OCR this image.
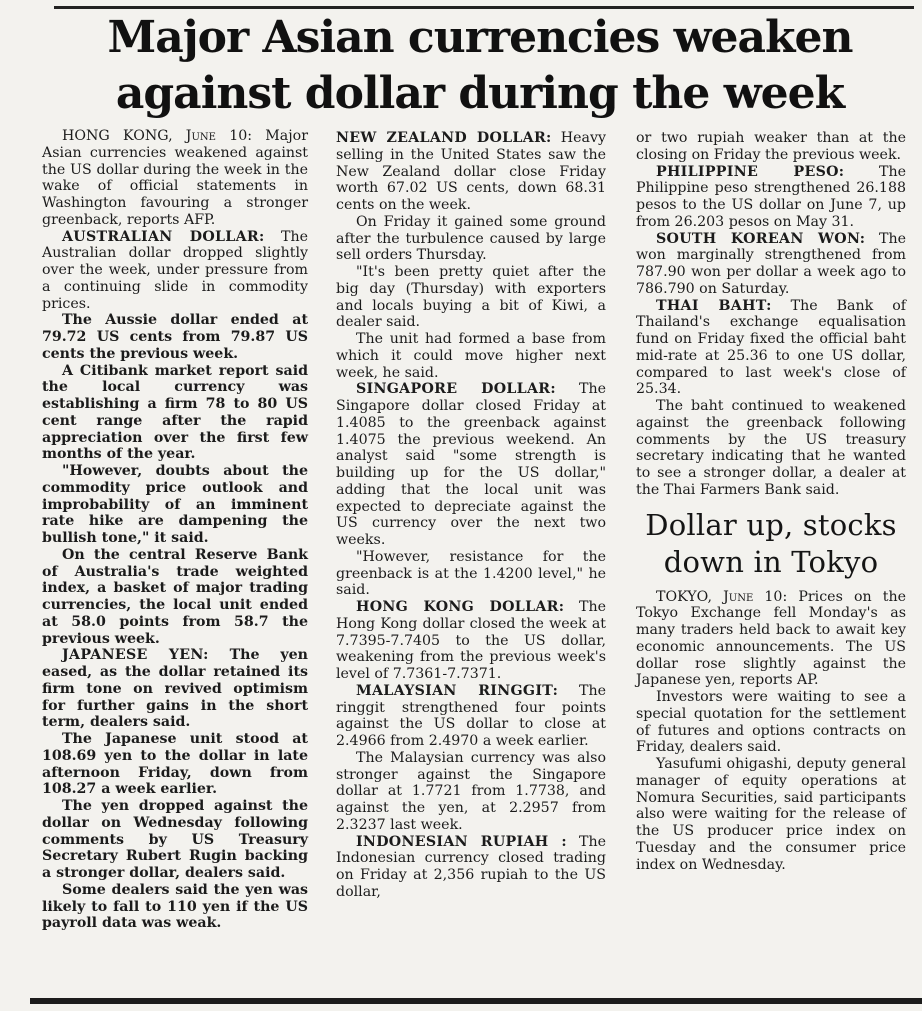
Major Asian currencies weaken
against dollar during the week

HONG KONG, June 10: Major Asian currencies weakened against the US dollar during the week in the wake of official statements in Washington favouring a stronger greenback, reports AFP.

AUSTRALIAN DOLLAR: The Australian dollar dropped slightly over the week, under pressure from a continuing slide in commodity prices.

The Aussie dollar ended at 79.72 US cents from 79.87 US cents the previous week.

A Citibank market report said the local currency was establishing a firm 78 to 80 US cent range after the rapid appreciation over the first few months of the year.

"However, doubts about the commodity price outlook and improbability of an imminent rate hike are dampening the bullish tone," it said.

On the central Reserve Bank of Australia's trade weighted index, a basket of major trading currencies, the local unit ended at 58.0 points from 58.7 the previous week.

JAPANESE YEN: The yen eased, as the dollar retained its firm tone on revived optimism for further gains in the short term, dealers said.

The Japanese unit stood at 108.69 yen to the dollar in late afternoon Friday, down from 108.27 a week earlier.

The yen dropped against the dollar on Wednesday following comments by US Treasury Secretary Rubert Rugin backing a stronger dollar, dealers said.

Some dealers said the yen was likely to fall to 110 yen if the US payroll data was weak.

NEW ZEALAND DOLLAR: Heavy selling in the United States saw the New Zealand dollar close Friday worth 67.02 US cents, down 68.31 cents on the week.

On Friday it gained some ground after the turbulence caused by large sell orders Thursday.

"It's been pretty quiet after the big day (Thursday) with exporters and locals buying a bit of Kiwi, a dealer said.

The unit had formed a base from which it could move higher next week, he said.

SINGAPORE DOLLAR: The Singapore dollar closed Friday at 1.4085 to the greenback against 1.4075 the previous weekend. An analyst said "some strength is building up for the US dollar," adding that the local unit was expected to depreciate against the US currency over the next two weeks.

"However, resistance for the greenback is at the 1.4200 level," he said.

HONG KONG DOLLAR: The Hong Kong dollar closed the week at 7.7395-7.7405 to the US dollar, weakening from the previous week's level of 7.7361-7.7371.

MALAYSIAN RINGGIT: The ringgit strengthened four points against the US dollar to close at 2.4966 from 2.4970 a week earlier.

The Malaysian currency was also stronger against the Singapore dollar at 1.7721 from 1.7738, and against the yen, at 2.2957 from 2.3237 last week.

INDONESIAN RUPIAH : The Indonesian currency closed trading on Friday at 2,356 rupiah to the US dollar,

or two rupiah weaker than at the closing on Friday the previous week.

PHILIPPINE PESO: The Philippine peso strengthened 26.188 pesos to the US dollar on June 7, up from 26.203 pesos on May 31.

SOUTH KOREAN WON: The won marginally strengthened from 787.90 won per dollar a week ago to 786.790 on Saturday.

THAI BAHT: The Bank of Thailand's exchange equalisation fund on Friday fixed the official baht mid-rate at 25.36 to one US dollar, compared to last week's close of 25.34.

The baht continued to weakened against the greenback following comments by the US treasury secretary indicating that he wanted to see a stronger dollar, a dealer at the Thai Farmers Bank said.

Dollar up, stocks
down in Tokyo

TOKYO, June 10: Prices on the Tokyo Exchange fell Monday's as many traders held back to await key economic announcements. The US dollar rose slightly against the Japanese yen, reports AP.

Investors were waiting to see a special quotation for the settlement of futures and options contracts on Friday, dealers said.

Yasufumi ohigashi, deputy general manager of equity operations at Nomura Securities, said participants also were waiting for the release of the US producer price index on Tuesday and the consumer price index on Wednesday.
